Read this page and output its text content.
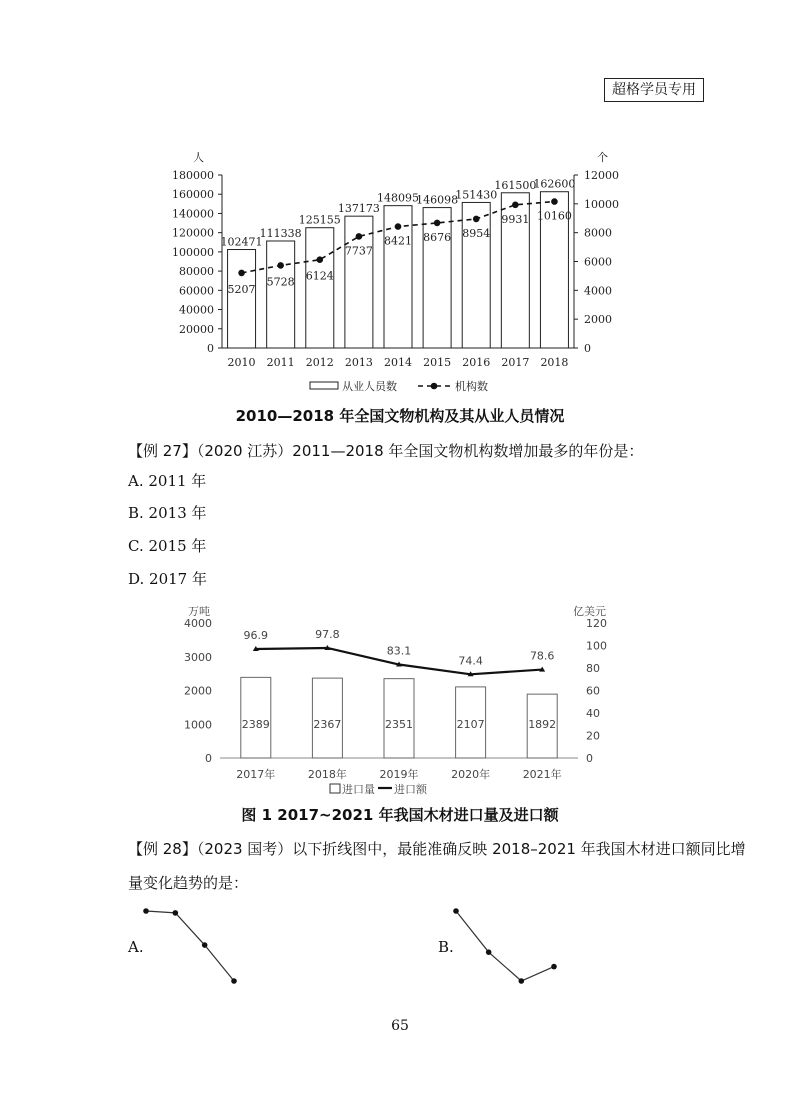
超格学员专用
0
20000
40000
60000
80000
100000
120000
140000
160000
180000
0
2000
4000
6000
8000
10000
12000
人	个
102471
111338
125155
137173
148095
146098
151430
161500
162600
5207
5728 6124
7737
8421 8676 8954
9931 10160
2010 2011 2012 2013 2014 2015 2016 2017 2018
从业人员数	机构数
2010—2018 年全国文物机构及其从业人员情况
【例 27】（2020 江苏）2011—2018 年全国文物机构数增加最多的年份是：
A. 2011 年
B. 2013 年
C. 2015 年
D. 2017 年
0
1000
2000
3000
4000
0
20
40
60
80
100
120
万吨	亿美元
2389	2367	2351	2107	1892
96.9	97.8
83.1
74.4	78.6
2017年	2018年	2019年	2020年	2021年
进口量 进口额
图 1 2017~2021 年我国木材进口量及进口额
【例 28】（2023 国考）以下折线图中，最能准确反映 2018–2021 年我国木材进口额同比增
量变化趋势的是：
A.	B.
65
